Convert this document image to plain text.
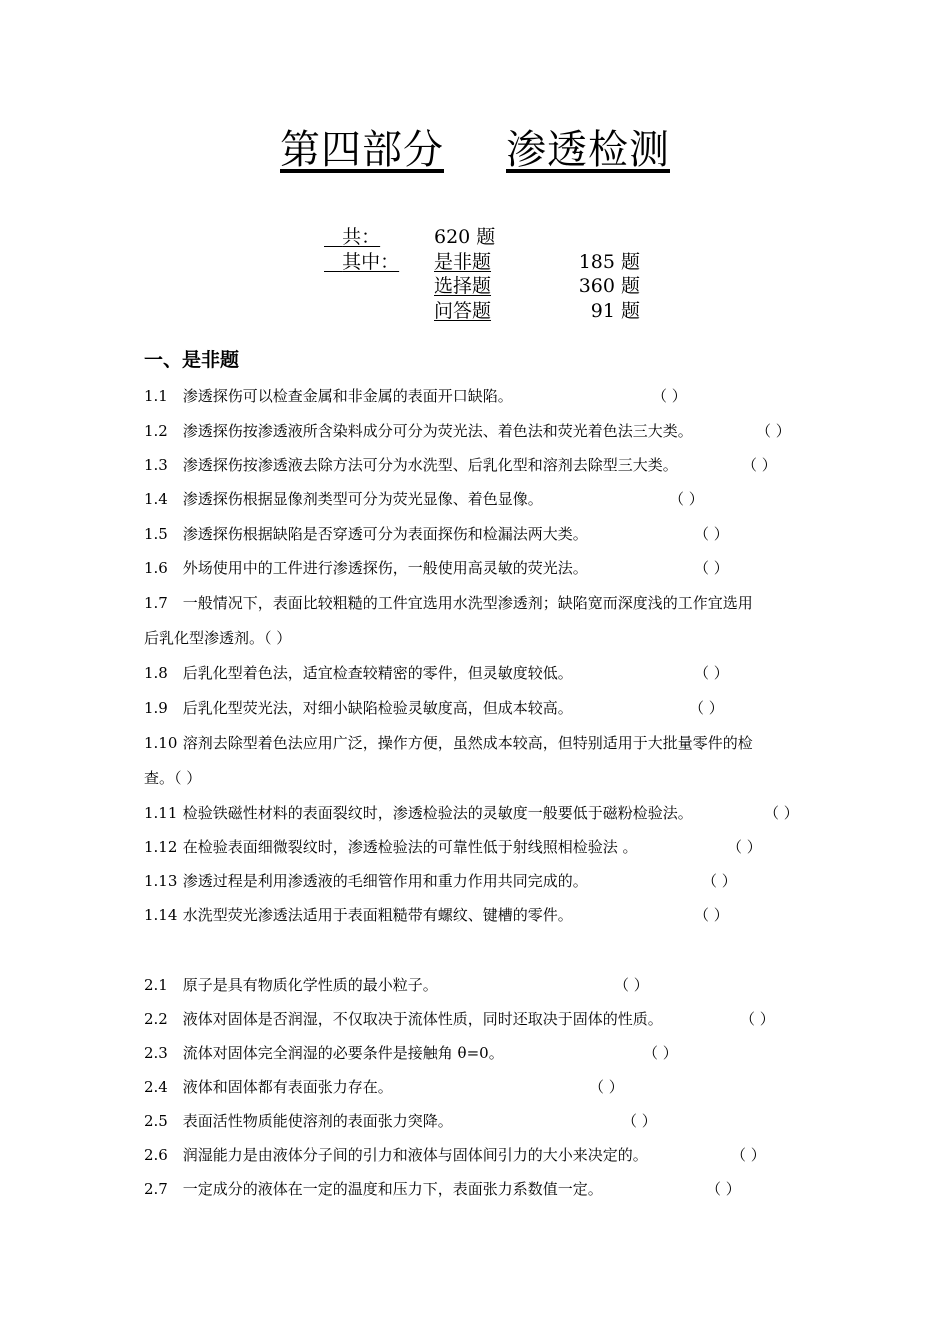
第四部分 渗透检测
共：	620 题
其中：	是非题	185 题
选择题	360 题
问答题	91 题
一、是非题
1.1 渗透探伤可以检查金属和非金属的表面开口缺陷。	（ ）
1.2 渗透探伤按渗透液所含染料成分可分为荧光法、着色法和荧光着色法三大类。	（ ）
1.3 渗透探伤按渗透液去除方法可分为水洗型、后乳化型和溶剂去除型三大类。	（ ）
1.4 渗透探伤根据显像剂类型可分为荧光显像、着色显像。	（ ）
1.5 渗透探伤根据缺陷是否穿透可分为表面探伤和检漏法两大类。	（ ）
1.6 外场使用中的工件进行渗透探伤，一般使用高灵敏的荧光法。	（ ）
1.7 一般情况下，表面比较粗糙的工件宜选用水洗型渗透剂；缺陷宽而深度浅的工作宜选用
后乳化型渗透剂。（ ）
1.8 后乳化型着色法，适宜检查较精密的零件，但灵敏度较低。	（ ）
1.9 后乳化型荧光法，对细小缺陷检验灵敏度高，但成本较高。	（ ）
1.10 溶剂去除型着色法应用广泛，操作方便，虽然成本较高，但特别适用于大批量零件的检
查。（ ）
1.11 检验铁磁性材料的表面裂纹时，渗透检验法的灵敏度一般要低于磁粉检验法。	（ ）
1.12 在检验表面细微裂纹时，渗透检验法的可靠性低于射线照相检验法 。	（ ）
1.13 渗透过程是利用渗透液的毛细管作用和重力作用共同完成的。	（ ）
1.14 水洗型荧光渗透法适用于表面粗糙带有螺纹、键槽的零件。	（ ）
2.1 原子是具有物质化学性质的最小粒子。	（ ）
2.2 液体对固体是否润湿，不仅取决于流体性质，同时还取决于固体的性质。	（ ）
2.3 流体对固体完全润湿的必要条件是接触角 θ=0。	（ ）
2.4 液体和固体都有表面张力存在。	（ ）
2.5 表面活性物质能使溶剂的表面张力突降。	（ ）
2.6 润湿能力是由液体分子间的引力和液体与固体间引力的大小来决定的。	（ ）
2.7 一定成分的液体在一定的温度和压力下，表面张力系数值一定。	（ ）
